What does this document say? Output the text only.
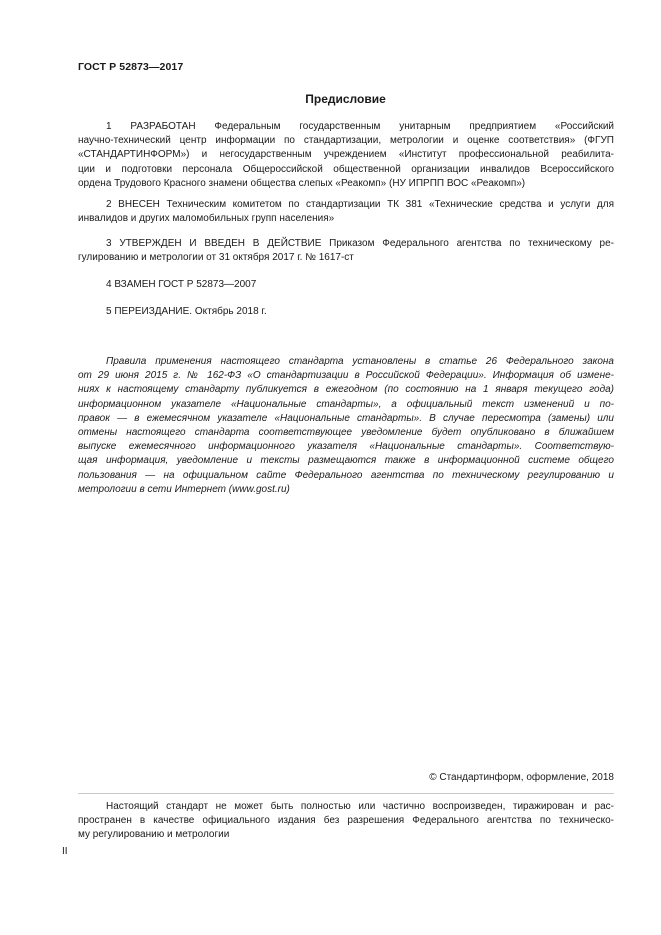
ГОСТ Р 52873—2017
Предисловие
1 РАЗРАБОТАН Федеральным государственным унитарным предприятием «Российский
научно-технический центр информации по стандартизации, метрологии и оценке соответствия» (ФГУП
«СТАНДАРТИНФОРМ») и негосударственным учреждением «Институт профессиональной реабилита-
ции и подготовки персонала Общероссийской общественной организации инвалидов Всероссийского
ордена Трудового Красного знамени общества слепых «Реакомп» (НУ ИПРПП ВОС «Реакомп»)
2 ВНЕСЕН Техническим комитетом по стандартизации ТК 381 «Технические средства и услуги для
инвалидов и других маломобильных групп населения»
3 УТВЕРЖДЕН И ВВЕДЕН В ДЕЙСТВИЕ Приказом Федерального агентства по техническому ре-
гулированию и метрологии от 31 октября 2017 г. № 1617-ст
4 ВЗАМЕН ГОСТ Р 52873—2007
5 ПЕРЕИЗДАНИЕ. Октябрь 2018 г.
Правила применения настоящего стандарта установлены в статье 26 Федерального закона
от 29 июня 2015 г. № 162-ФЗ «О стандартизации в Российской Федерации». Информация об измене-
ниях к настоящему стандарту публикуется в ежегодном (по состоянию на 1 января текущего года)
информационном указателе «Национальные стандарты», а официальный текст изменений и по-
правок — в ежемесячном указателе «Национальные стандарты». В случае пересмотра (замены) или
отмены настоящего стандарта соответствующее уведомление будет опубликовано в ближайшем
выпуске ежемесячного информационного указателя «Национальные стандарты». Соответствую-
щая информация, уведомление и тексты размещаются также в информационной системе общего
пользования — на официальном сайте Федерального агентства по техническому регулированию и
метрологии в сети Интернет (www.gost.ru)
© Стандартинформ, оформление, 2018
Настоящий стандарт не может быть полностью или частично воспроизведен, тиражирован и рас-
пространен в качестве официального издания без разрешения Федерального агентства по техническо-
му регулированию и метрологии
II
